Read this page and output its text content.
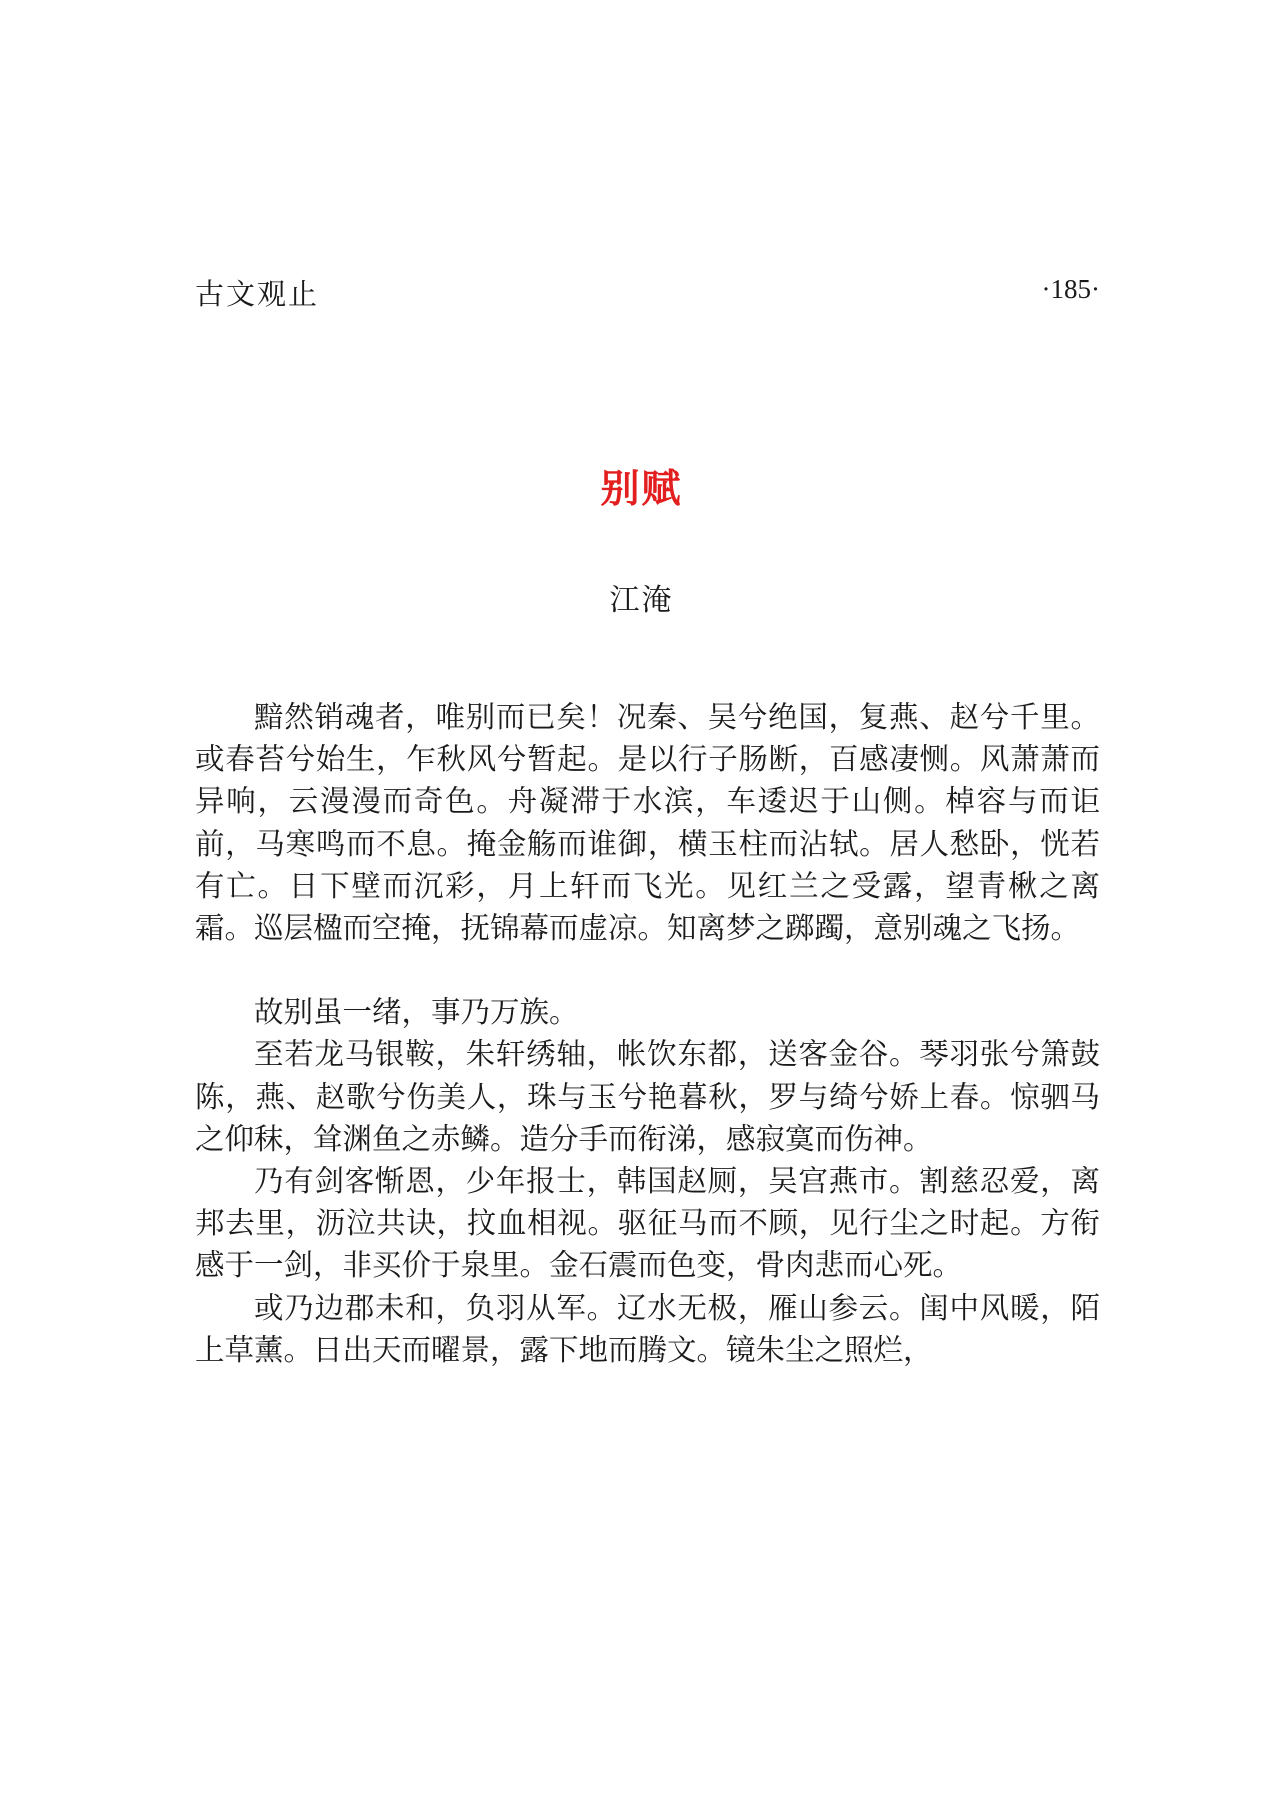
古文观止	·185·
别赋
江淹

黯然销魂者，唯别而已矣！况秦、吴兮绝国，复燕、赵兮千里。或春苔兮始生，乍秋风兮暂起。是以行子肠断，百感凄恻。风萧萧而异响，云漫漫而奇色。舟凝滞于水滨，车逶迟于山侧。棹容与而讵前，马寒鸣而不息。掩金觞而谁御，横玉柱而沾轼。居人愁卧，恍若有亡。日下壁而沉彩，月上轩而飞光。见红兰之受露，望青楸之离霜。巡层楹而空掩，抚锦幕而虚凉。知离梦之踯躅，意别魂之飞扬。

故别虽一绪，事乃万族。

至若龙马银鞍，朱轩绣轴，帐饮东都，送客金谷。琴羽张兮箫鼓陈，燕、赵歌兮伤美人，珠与玉兮艳暮秋，罗与绮兮娇上春。惊驷马之仰秣，耸渊鱼之赤鳞。造分手而衔涕，感寂寞而伤神。

乃有剑客惭恩，少年报士，韩国赵厕，吴宫燕市。割慈忍爱，离邦去里，沥泣共诀，抆血相视。驱征马而不顾，见行尘之时起。方衔感于一剑，非买价于泉里。金石震而色变，骨肉悲而心死。

或乃边郡未和，负羽从军。辽水无极，雁山参云。闺中风暖，陌上草薰。日出天而曜景，露下地而腾文。镜朱尘之照烂，
